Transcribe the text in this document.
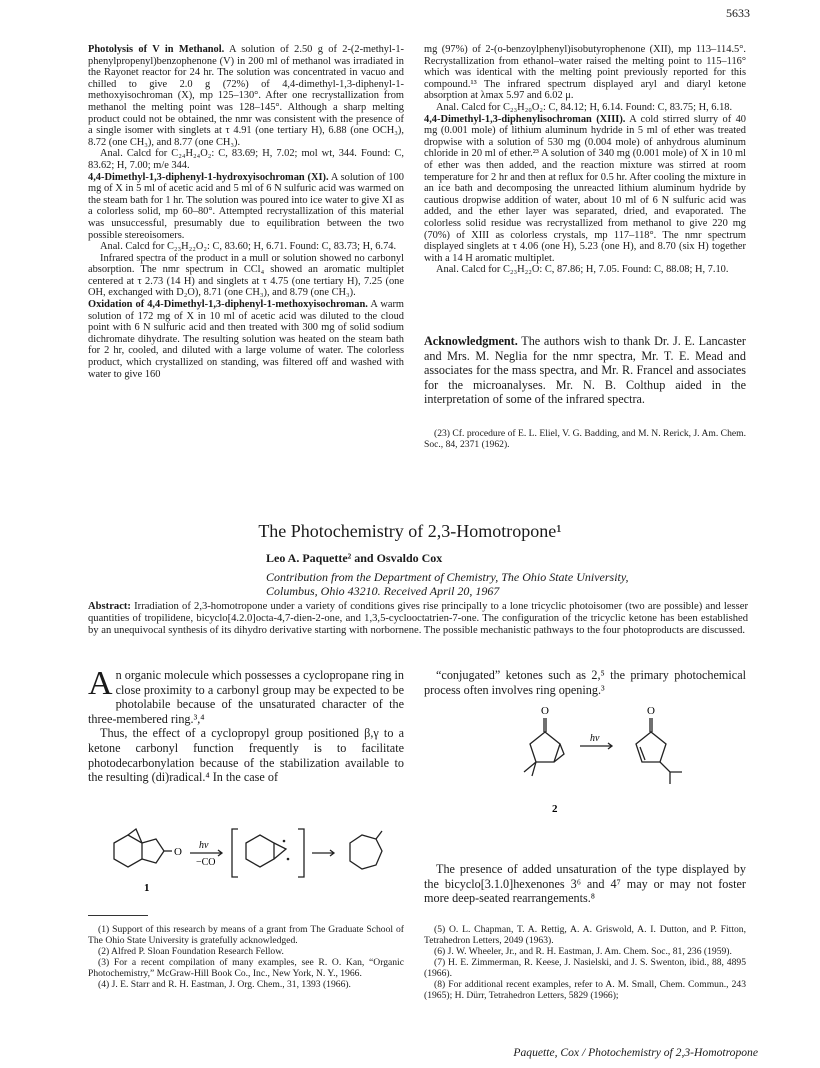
5633

Photolysis of V in Methanol. A solution of 2.50 g of 2-(2-methyl-1-phenylpropenyl)benzophenone (V) in 200 ml of methanol was irradiated in the Rayonet reactor for 24 hr. The solution was concentrated in vacuo and chilled to give 2.0 g (72%) of 4,4-dimethyl-1,3-diphenyl-1-methoxyisochroman (X), mp 125–130°. After one recrystallization from methanol the melting point was 128–145°. Although a sharp melting product could not be obtained, the nmr was consistent with the presence of a single isomer with singlets at τ 4.91 (one tertiary H), 6.88 (one OCH₃), 8.72 (one CH₃), and 8.77 (one CH₃).

Anal. Calcd for C₂₄H₂₄O₂: C, 83.69; H, 7.02; mol wt, 344. Found: C, 83.62; H, 7.00; m/e 344.

4,4-Dimethyl-1,3-diphenyl-1-hydroxyisochroman (XI). A solution of 100 mg of X in 5 ml of acetic acid and 5 ml of 6 N sulfuric acid was warmed on the steam bath for 1 hr. The solution was poured into ice water to give XI as a colorless solid, mp 60–80°. Attempted recrystallization of this material was unsuccessful, presumably due to equilibration between the two possible stereoisomers.

Anal. Calcd for C₂₃H₂₂O₂: C, 83.60; H, 6.71. Found: C, 83.73; H, 6.74.

Infrared spectra of the product in a mull or solution showed no carbonyl absorption. The nmr spectrum in CCl₄ showed an aromatic multiplet centered at τ 2.73 (14 H) and singlets at τ 4.75 (one tertiary H), 7.25 (one OH, exchanged with D₂O), 8.71 (one CH₃), and 8.79 (one CH₃).

Oxidation of 4,4-Dimethyl-1,3-diphenyl-1-methoxyisochroman. A warm solution of 172 mg of X in 10 ml of acetic acid was diluted to the cloud point with 6 N sulfuric acid and then treated with 300 mg of solid sodium dichromate dihydrate. The resulting solution was heated on the steam bath for 2 hr, cooled, and diluted with a large volume of water. The colorless product, which crystallized on standing, was filtered off and washed with water to give 160

mg (97%) of 2-(o-benzoylphenyl)isobutyrophenone (XII), mp 113–114.5°. Recrystallization from ethanol–water raised the melting point to 115–116° which was identical with the melting point previously reported for this compound.¹³ The infrared spectrum displayed aryl and diaryl ketone absorption at λmax 5.97 and 6.02 μ.

Anal. Calcd for C₂₃H₂₀O₂: C, 84.12; H, 6.14. Found: C, 83.75; H, 6.18.

4,4-Dimethyl-1,3-diphenylisochroman (XIII). A cold stirred slurry of 40 mg (0.001 mole) of lithium aluminum hydride in 5 ml of ether was treated dropwise with a solution of 530 mg (0.004 mole) of anhydrous aluminum chloride in 20 ml of ether.²³ A solution of 340 mg (0.001 mole) of X in 10 ml of ether was then added, and the reaction mixture was stirred at room temperature for 2 hr and then at reflux for 0.5 hr. After cooling the mixture in an ice bath and decomposing the unreacted lithium aluminum hydride by cautious dropwise addition of water, about 10 ml of 6 N sulfuric acid was added, and the ether layer was separated, dried, and evaporated. The colorless solid residue was recrystallized from methanol to give 220 mg (70%) of XIII as colorless crystals, mp 117–118°. The nmr spectrum displayed singlets at τ 4.06 (one H), 5.23 (one H), and 8.70 (six H) together with a 14 H aromatic multiplet.

Anal. Calcd for C₂₃H₂₂O: C, 87.86; H, 7.05. Found: C, 88.08; H, 7.10.

Acknowledgment. The authors wish to thank Dr. J. E. Lancaster and Mrs. M. Neglia for the nmr spectra, Mr. T. E. Mead and associates for the mass spectra, and Mr. R. Francel and associates for the microanalyses. Mr. N. B. Colthup aided in the interpretation of some of the infrared spectra.

(23) Cf. procedure of E. L. Eliel, V. G. Badding, and M. N. Rerick, J. Am. Chem. Soc., 84, 2371 (1962).

The Photochemistry of 2,3-Homotropone¹
Leo A. Paquette² and Osvaldo Cox
Contribution from the Department of Chemistry, The Ohio State University,
Columbus, Ohio 43210. Received April 20, 1967
Abstract: Irradiation of 2,3-homotropone under a variety of conditions gives rise principally to a lone tricyclic photoisomer (two are possible) and lesser quantities of tropilidene, bicyclo[4.2.0]octa-4,7-dien-2-one, and 1,3,5-cyclooctatrien-7-one. The configuration of the tricyclic ketone has been established by an unequivocal synthesis of its dihydro derivative starting with norbornene. The possible mechanistic pathways to the four photoproducts are discussed.

An organic molecule which possesses a cyclopropane ring in close proximity to a carbonyl group may be expected to be photolabile because of the unsaturated character of the three-membered ring.³,⁴

Thus, the effect of a cyclopropyl group positioned β,γ to a ketone carbonyl function frequently is to facilitate photodecarbonylation because of the stabilization available to the resulting (di)radical.⁴ In the case of

O
hν
−CO
1

“conjugated” ketones such as 2,⁵ the primary photochemical process often involves ring opening.³

O	O
hν
2

The presence of added unsaturation of the type displayed by the bicyclo[3.1.0]hexenones 3⁶ and 4⁷ may or may not foster more deep-seated rearrangements.⁸

(1) Support of this research by means of a grant from The Graduate School of The Ohio State University is gratefully acknowledged.

(2) Alfred P. Sloan Foundation Research Fellow.

(3) For a recent compilation of many examples, see R. O. Kan, “Organic Photochemistry,” McGraw-Hill Book Co., Inc., New York, N. Y., 1966.

(4) J. E. Starr and R. H. Eastman, J. Org. Chem., 31, 1393 (1966).

(5) O. L. Chapman, T. A. Rettig, A. A. Griswold, A. I. Dutton, and P. Fitton, Tetrahedron Letters, 2049 (1963).

(6) J. W. Wheeler, Jr., and R. H. Eastman, J. Am. Chem. Soc., 81, 236 (1959).

(7) H. E. Zimmerman, R. Keese, J. Nasielski, and J. S. Swenton, ibid., 88, 4895 (1966).

(8) For additional recent examples, refer to A. M. Small, Chem. Commun., 243 (1965); H. Dürr, Tetrahedron Letters, 5829 (1966);

Paquette, Cox / Photochemistry of 2,3-Homotropone
